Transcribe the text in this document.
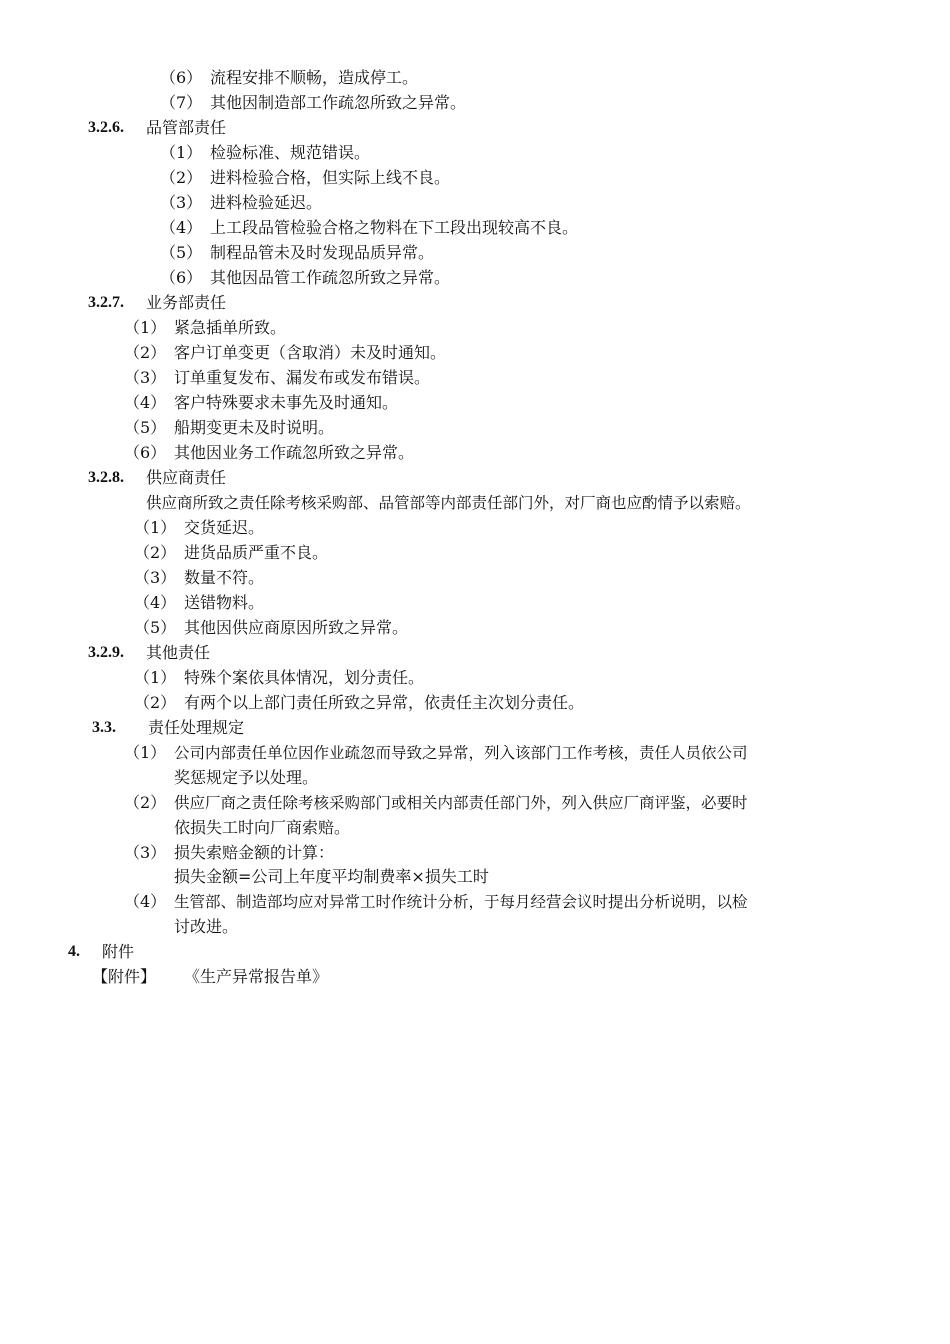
（6） 流程安排不顺畅，造成停工。
（7） 其他因制造部工作疏忽所致之异常。
3.2.6. 品管部责任
（1） 检验标准、规范错误。
（2） 进料检验合格，但实际上线不良。
（3） 进料检验延迟。
（4） 上工段品管检验合格之物料在下工段出现较高不良。
（5） 制程品管未及时发现品质异常。
（6） 其他因品管工作疏忽所致之异常。
3.2.7. 业务部责任
（1） 紧急插单所致。
（2） 客户订单变更（含取消）未及时通知。
（3） 订单重复发布、漏发布或发布错误。
（4） 客户特殊要求未事先及时通知。
（5） 船期变更未及时说明。
（6） 其他因业务工作疏忽所致之异常。
3.2.8. 供应商责任
供应商所致之责任除考核采购部、品管部等内部责任部门外，对厂商也应酌情予以索赔。
（1） 交货延迟。
（2） 进货品质严重不良。
（3） 数量不符。
（4） 送错物料。
（5） 其他因供应商原因所致之异常。
3.2.9. 其他责任
（1） 特殊个案依具体情况，划分责任。
（2） 有两个以上部门责任所致之异常，依责任主次划分责任。
3.3. 责任处理规定
（1） 公司内部责任单位因作业疏忽而导致之异常，列入该部门工作考核，责任人员依公司
奖惩规定予以处理。
（2） 供应厂商之责任除考核采购部门或相关内部责任部门外，列入供应厂商评鉴，必要时
依损失工时向厂商索赔。
（3） 损失索赔金额的计算：
损失金额=公司上年度平均制费率×损失工时
（4） 生管部、制造部均应对异常工时作统计分析，于每月经营会议时提出分析说明，以检
讨改进。
4. 附件
【附件】 《生产异常报告单》
